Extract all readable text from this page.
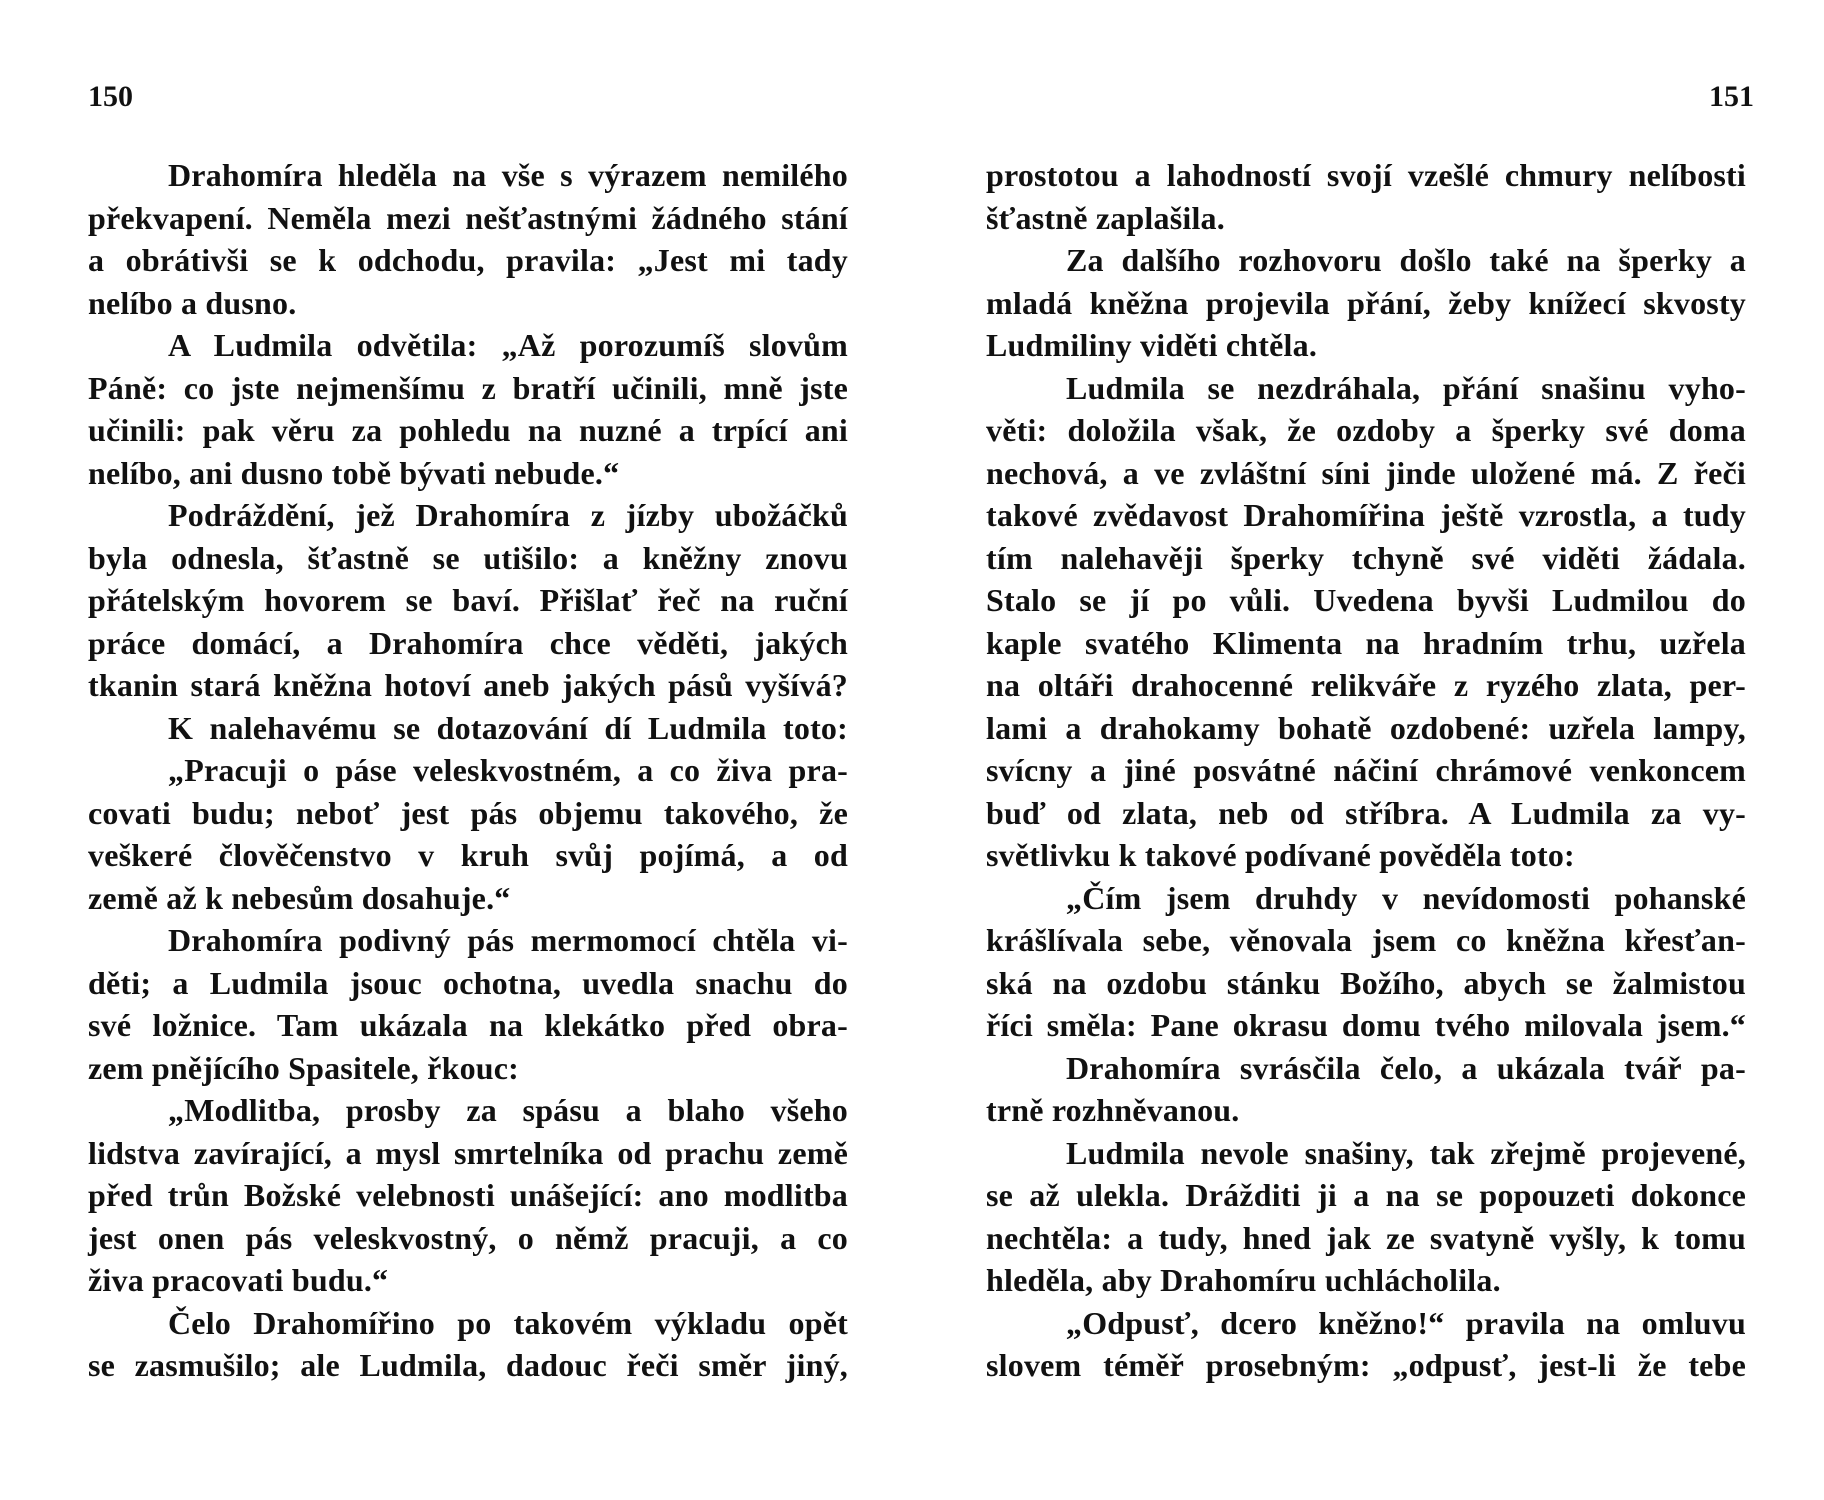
150
Drahomíra hleděla na vše s výrazem nemilého
překvapení. Neměla mezi nešťastnými žádného stání
a obrátivši se k odchodu, pravila: „Jest mi tady
nelíbo a dusno.
A Ludmila odvětila: „Až porozumíš slovům
Páně: co jste nejmenšímu z bratří učinili, mně jste
učinili: pak věru za pohledu na nuzné a trpící ani
nelíbo, ani dusno tobě bývati nebude.“
Podráždění, jež Drahomíra z jízby ubožáčků
byla odnesla, šťastně se utišilo: a kněžny znovu
přátelským hovorem se baví. Přišlať řeč na ruční
práce domácí, a Drahomíra chce věděti, jakých
tkanin stará kněžna hotoví aneb jakých pásů vyšívá?
K nalehavému se dotazování dí Ludmila toto:
„Pracuji o páse veleskvostném, a co živa pra-
covati budu; neboť jest pás objemu takového, že
veškeré člověčenstvo v kruh svůj pojímá, a od
země až k nebesům dosahuje.“
Drahomíra podivný pás mermomocí chtěla vi-
děti; a Ludmila jsouc ochotna, uvedla snachu do
své ložnice. Tam ukázala na klekátko před obra-
zem pnějícího Spasitele, řkouc:
„Modlitba, prosby za spásu a blaho všeho
lidstva zavírající, a mysl smrtelníka od prachu země
před trůn Božské velebnosti unášející: ano modlitba
jest onen pás veleskvostný, o němž pracuji, a co
živa pracovati budu.“
Čelo Drahomířino po takovém výkladu opět
se zasmušilo; ale Ludmila, dadouc řeči směr jiný,
151
prostotou a lahodností svojí vzešlé chmury nelíbosti
šťastně zaplašila.
Za dalšího rozhovoru došlo také na šperky a
mladá kněžna projevila přání, žeby knížecí skvosty
Ludmiliny viděti chtěla.
Ludmila se nezdráhala, přání snašinu vyho-
věti: doložila však, že ozdoby a šperky své doma
nechová, a ve zvláštní síni jinde uložené má. Z řeči
takové zvědavost Drahomířina ještě vzrostla, a tudy
tím nalehavěji šperky tchyně své viděti žádala.
Stalo se jí po vůli. Uvedena byvši Ludmilou do
kaple svatého Klimenta na hradním trhu, uzřela
na oltáři drahocenné relikváře z ryzého zlata, per-
lami a drahokamy bohatě ozdobené: uzřela lampy,
svícny a jiné posvátné náčiní chrámové venkoncem
buď od zlata, neb od stříbra. A Ludmila za vy-
světlivku k takové podívané pověděla toto:
„Čím jsem druhdy v nevídomosti pohanské
krášlívala sebe, věnovala jsem co kněžna křesťan-
ská na ozdobu stánku Božího, abych se žalmistou
říci směla: Pane okrasu domu tvého milovala jsem.“
Drahomíra svrásčila čelo, a ukázala tvář pa-
trně rozhněvanou.
Ludmila nevole snašiny, tak zřejmě projevené,
se až ulekla. Drážditi ji a na se popouzeti dokonce
nechtěla: a tudy, hned jak ze svatyně vyšly, k tomu
hleděla, aby Drahomíru uchlácholila.
„Odpusť, dcero kněžno!“ pravila na omluvu
slovem téměř prosebným: „odpusť, jest-li že tebe
